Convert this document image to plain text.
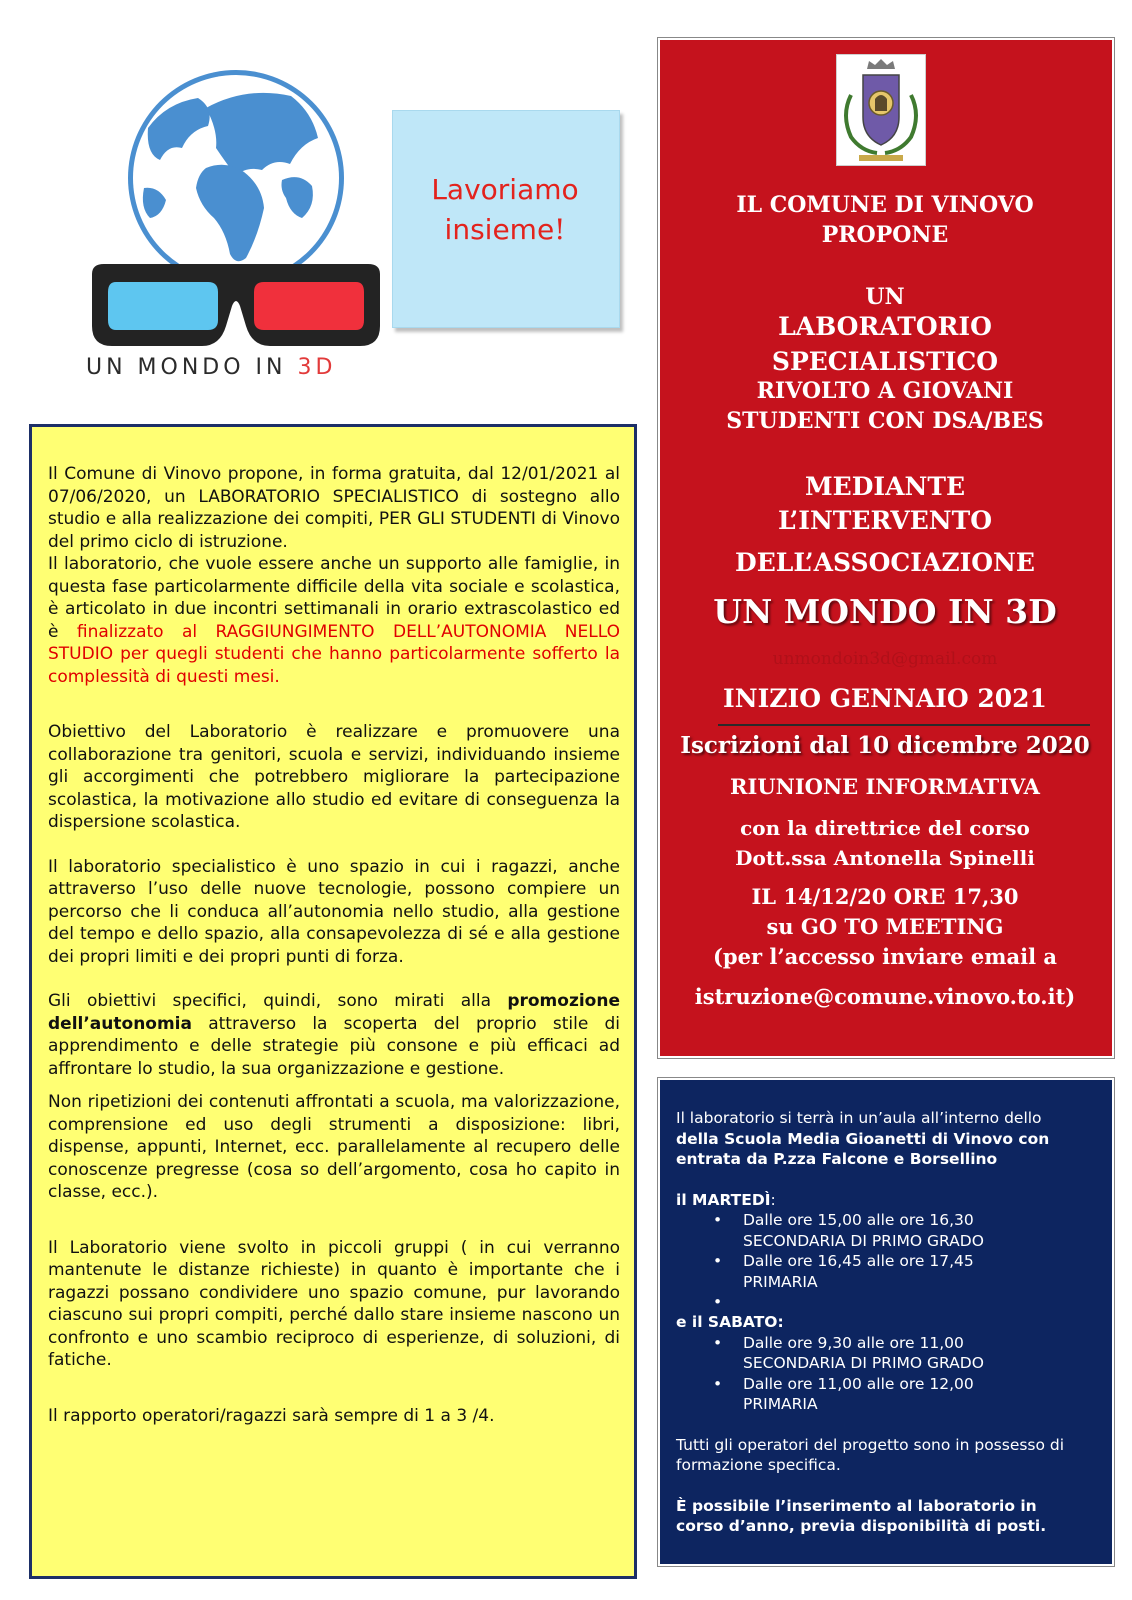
UN MONDO IN 3D
Lavoriamo
insieme!
IL COMUNE DI VINOVO
PROPONE
UN
LABORATORIO
SPECIALISTICO
RIVOLTO A GIOVANI
STUDENTI CON DSA/BES
MEDIANTE
L’INTERVENTO
DELL’ASSOCIAZIONE
UN MONDO IN 3D
unmondoin3d@gmail.com
INIZIO GENNAIO 2021
Iscrizioni dal 10 dicembre 2020
RIUNIONE INFORMATIVA
con la direttrice del corso
Dott.ssa Antonella Spinelli
IL 14/12/20 ORE 17,30
su GO TO MEETING
(per l’accesso inviare email a
istruzione@comune.vinovo.to.it)

Il Comune di Vinovo propone, in forma gratuita, dal 12/01/2021 al 07/06/2020, un LABORATORIO SPECIALISTICO di sostegno allo studio e alla realizzazione dei compiti, PER GLI STUDENTI di Vinovo del primo ciclo di istruzione.

Il laboratorio, che vuole essere anche un supporto alle famiglie, in questa fase particolarmente difficile della vita sociale e scolastica, è articolato in due incontri settimanali in orario extrascolastico ed è finalizzato al RAGGIUNGIMENTO DELL’AUTONOMIA NELLO STUDIO per quegli studenti che hanno particolarmente sofferto la complessità di questi mesi.

Obiettivo del Laboratorio è realizzare e promuovere una collaborazione tra genitori, scuola e servizi, individuando insieme gli accorgimenti che potrebbero migliorare la partecipazione scolastica, la motivazione allo studio ed evitare di conseguenza la dispersione scolastica.

Il laboratorio specialistico è uno spazio in cui i ragazzi, anche attraverso l’uso delle nuove tecnologie, possono compiere un percorso che li conduca all’autonomia nello studio, alla gestione del tempo e dello spazio, alla consapevolezza di sé e alla gestione dei propri limiti e dei propri punti di forza.

Gli obiettivi specifici, quindi, sono mirati alla promozione dell’autonomia attraverso la scoperta del proprio stile di apprendimento e delle strategie più consone e più efficaci ad affrontare lo studio, la sua organizzazione e gestione.

Non ripetizioni dei contenuti affrontati a scuola, ma valorizzazione, comprensione ed uso degli strumenti a disposizione: libri, dispense, appunti, Internet, ecc. parallelamente al recupero delle conoscenze pregresse (cosa so dell’argomento, cosa ho capito in classe, ecc.).

Il Laboratorio viene svolto in piccoli gruppi ( in cui verranno mantenute le distanze richieste) in quanto è importante che i ragazzi possano condividere uno spazio comune, pur lavorando ciascuno sui propri compiti, perché dallo stare insieme nascono un confronto e uno scambio reciproco di esperienze, di soluzioni, di fatiche.

Il rapporto operatori/ragazzi sarà sempre di 1 a 3 /4.

Il laboratorio si terrà in un’aula all’interno dello

della Scuola Media Gioanetti di Vinovo con entrata da P.zza Falcone e Borsellino

il MARTEDÌ:

• Dalle ore 15,00 alle ore 16,30
SECONDARIA DI PRIMO GRADO
• Dalle ore 16,45 alle ore 17,45
PRIMARIA
•

e il SABATO:

• Dalle ore 9,30 alle ore 11,00
SECONDARIA DI PRIMO GRADO
• Dalle ore 11,00 alle ore 12,00
PRIMARIA

Tutti gli operatori del progetto sono in possesso di formazione specifica.

È possibile l’inserimento al laboratorio in corso d’anno, previa disponibilità di posti.
